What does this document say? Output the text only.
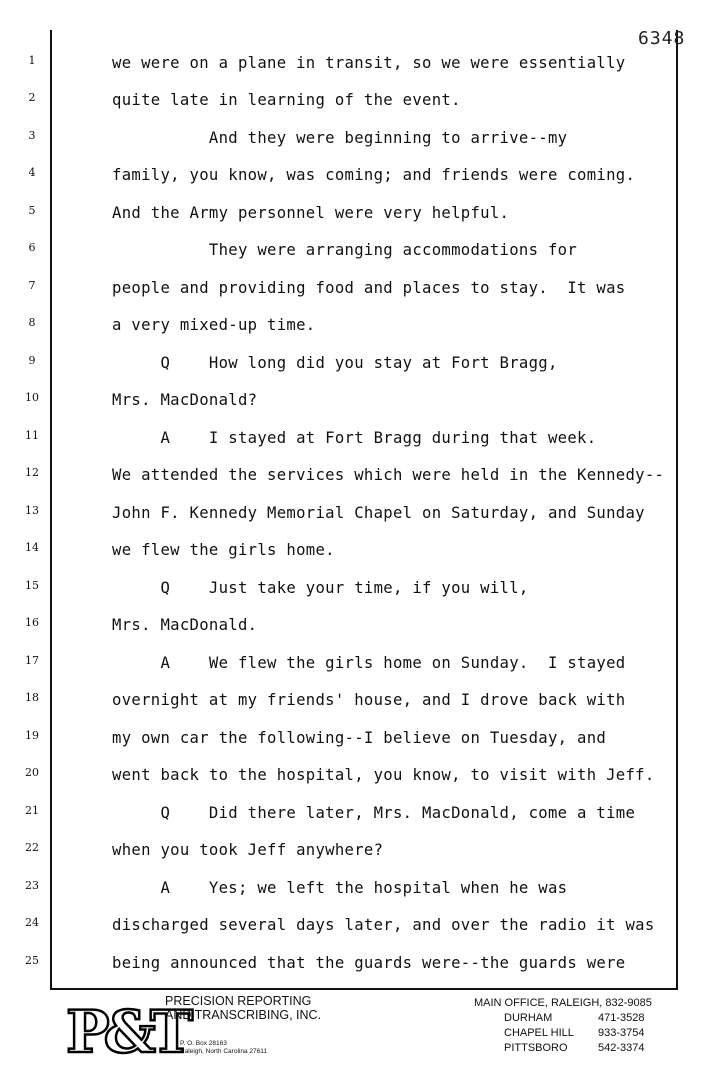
6348
1
2
3
4
5
6
7
8
9
10
11
12
13
14
15
16
17
18
19
20
21
22
23
24
25
we were on a plane in transit, so we were essentially
quite late in learning of the event.
And they were beginning to arrive--my
family, you know, was coming; and friends were coming.
And the Army personnel were very helpful.
They were arranging accommodations for
people and providing food and places to stay.  It was
a very mixed-up time.
Q    How long did you stay at Fort Bragg,
Mrs. MacDonald?
A    I stayed at Fort Bragg during that week.
We attended the services which were held in the Kennedy--
John F. Kennedy Memorial Chapel on Saturday, and Sunday
we flew the girls home.
Q    Just take your time, if you will,
Mrs. MacDonald.
A    We flew the girls home on Sunday.  I stayed
overnight at my friends' house, and I drove back with
my own car the following--I believe on Tuesday, and
went back to the hospital, you know, to visit with Jeff.
Q    Did there later, Mrs. MacDonald, come a time
when you took Jeff anywhere?
A    Yes; we left the hospital when he was
discharged several days later, and over the radio it was
being announced that the guards were--the guards were
P&T
PRECISION REPORTING
AND TRANSCRIBING, INC.
P. O. Box 28163
Raleigh, North Carolina 27611
MAIN OFFICE, RALEIGH, 832-9085
DURHAM	471-3528
CHAPEL HILL 933-3754
PITTSBORO	542-3374
